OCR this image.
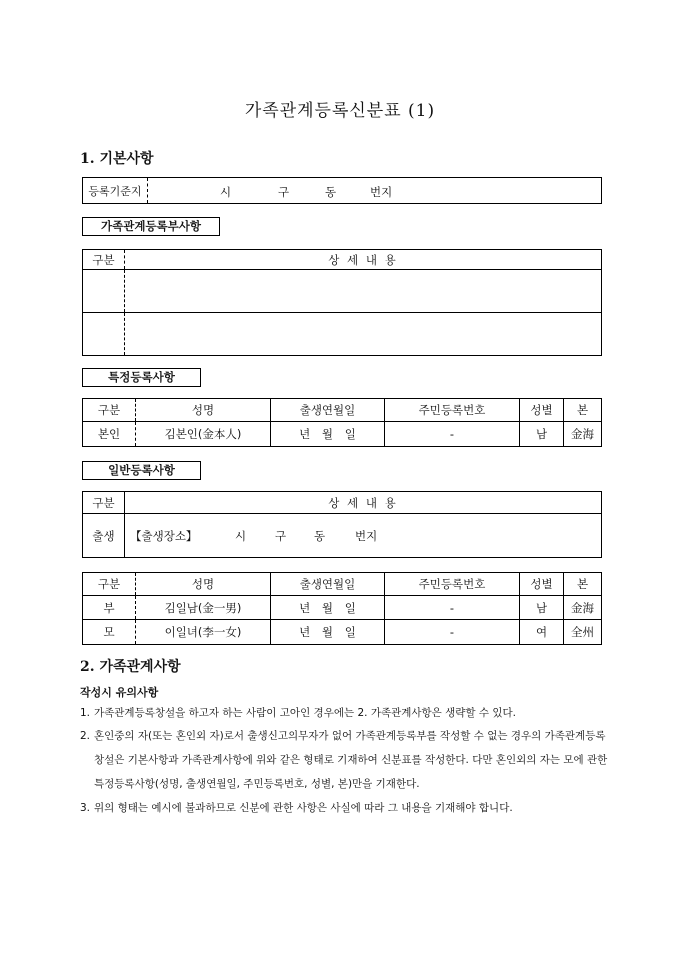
가족관계등록신분표 (1)
1. 기본사항
등록기준지	시	구	동	번지
가족관계등록부사항
구분	상 세 내 용

특정등록사항
구분	성명	출생연월일	주민등록번호	성별	본
본인	김본인(金本人)	년 월 일	-	남	金海
일반등록사항
구분	상 세 내 용
출생	【출생장소】 시 구 동 번지
구분	성명	출생연월일	주민등록번호	성별	본
부	김일남(金一男)	년 월 일	-	남	金海
모	이일녀(李一女)	년 월 일	-	여	全州
2. 가족관계사항
작성시 유의사항
1. 가족관계등록창설을 하고자 하는 사람이 고아인 경우에는 2. 가족관계사항은 생략할 수 있다.
2. 혼인중의 자(또는 혼인외 자)로서 출생신고의무자가 없어 가족관계등록부를 작성할 수 없는 경우의 가족관계등록창설은 기본사항과 가족관계사항에 위와 같은 형태로 기재하여 신분표를 작성한다. 다만 혼인외의 자는 모에 관한 특정등록사항(성명, 출생연월일, 주민등록번호, 성별, 본)만을 기재한다.
3. 위의 형태는 예시에 불과하므로 신분에 관한 사항은 사실에 따라 그 내용을 기재해야 합니다.
